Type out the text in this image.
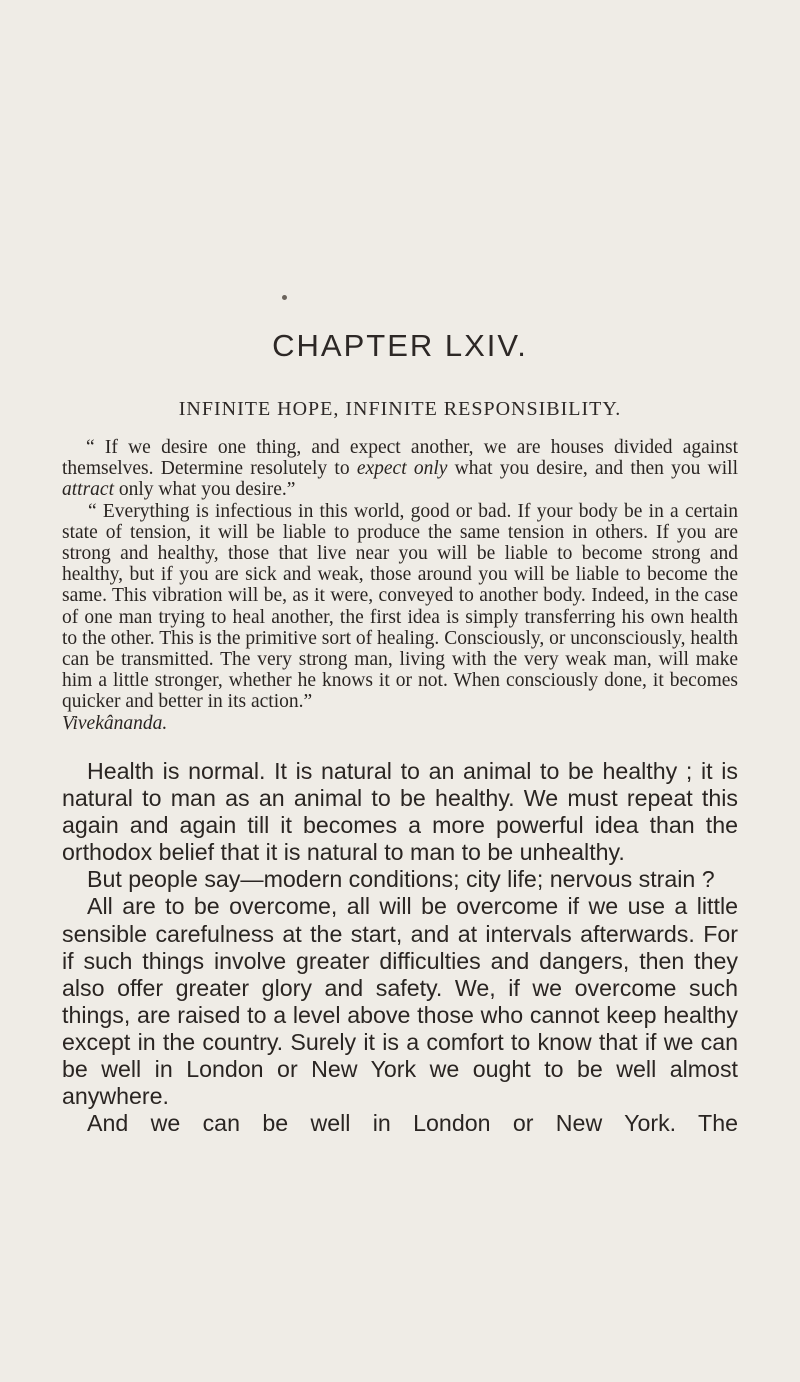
CHAPTER LXIV.
INFINITE HOPE, INFINITE RESPONSIBILITY.

“ If we desire one thing, and expect another, we are houses divided against themselves. Determine resolutely to expect only what you desire, and then you will attract only what you desire.”

“ Everything is infectious in this world, good or bad. If your body be in a certain state of tension, it will be liable to produce the same tension in others. If you are strong and healthy, those that live near you will be liable to become strong and healthy, but if you are sick and weak, those around you will be liable to become the same. This vibration will be, as it were, conveyed to another body. Indeed, in the case of one man trying to heal another, the first idea is simply transferring his own health to the other. This is the primitive sort of healing. Consciously, or unconsciously, health can be transmitted. The very strong man, living with the very weak man, will make him a little stronger, whether he knows it or not. When consciously done, it becomes quicker and better in its action.”

Vivekânanda.

Health is normal. It is natural to an animal to be healthy ; it is natural to man as an animal to be healthy. We must repeat this again and again till it becomes a more powerful idea than the orthodox belief that it is natural to man to be unhealthy.

But people say—modern conditions; city life; nervous strain ?

All are to be overcome, all will be overcome if we use a little sensible carefulness at the start, and at intervals afterwards. For if such things involve greater difficulties and dangers, then they also offer greater glory and safety. We, if we overcome such things, are raised to a level above those who cannot keep healthy except in the country. Surely it is a comfort to know that if we can be well in London or New York we ought to be well almost anywhere.

And we can be well in London or New York. The
